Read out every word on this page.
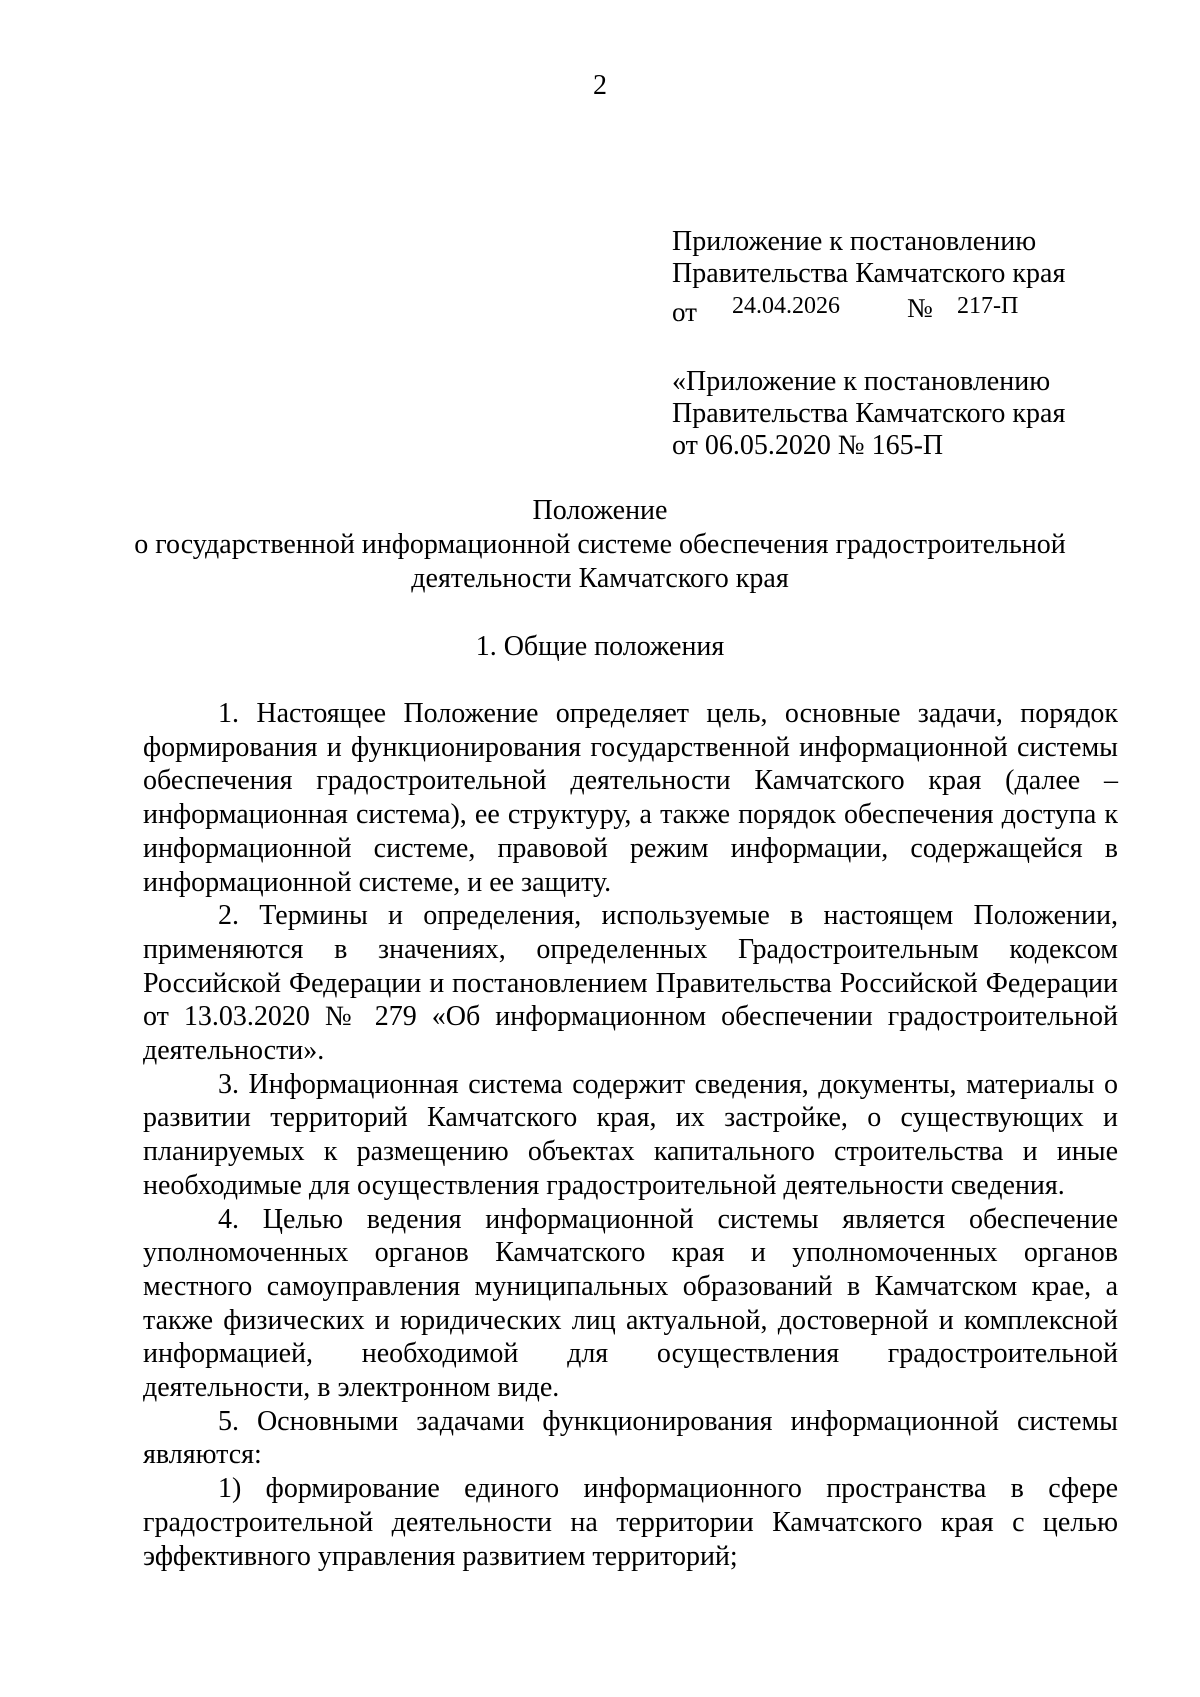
2
Приложение к постановлению
Правительства Камчатского края
от 24.04.2026 № 217-П
«Приложение к постановлению
Правительства Камчатского края
от 06.05.2020 № 165-П
Положение
о государственной информационной системе обеспечения градостроительной
деятельности Камчатского края
1. Общие положения

1. Настоящее Положение определяет цель, основные задачи, порядок формирования и функционирования государственной информационной системы обеспечения градостроительной деятельности Камчатского края (далее – информационная система), ее структуру, а также порядок обеспечения доступа к информационной системе, правовой режим информации, содержащейся в информационной системе, и ее защиту.

2. Термины и определения, используемые в настоящем Положении, применяются в значениях, определенных Градостроительным кодексом Российской Федерации и постановлением Правительства Российской Федерации от 13.03.2020 № 279 «Об информационном обеспечении градостроительной деятельности».

3. Информационная система содержит сведения, документы, материалы о развитии территорий Камчатского края, их застройке, о существующих и планируемых к размещению объектах капитального строительства и иные необходимые для осуществления градостроительной деятельности сведения.

4. Целью ведения информационной системы является обеспечение уполномоченных органов Камчатского края и уполномоченных органов местного самоуправления муниципальных образований в Камчатском крае, а также физических и юридических лиц актуальной, достоверной и комплексной информацией, необходимой для осуществления градостроительной деятельности, в электронном виде.

5. Основными задачами функционирования информационной системы являются:

1) формирование единого информационного пространства в сфере градостроительной деятельности на территории Камчатского края с целью эффективного управления развитием территорий;
